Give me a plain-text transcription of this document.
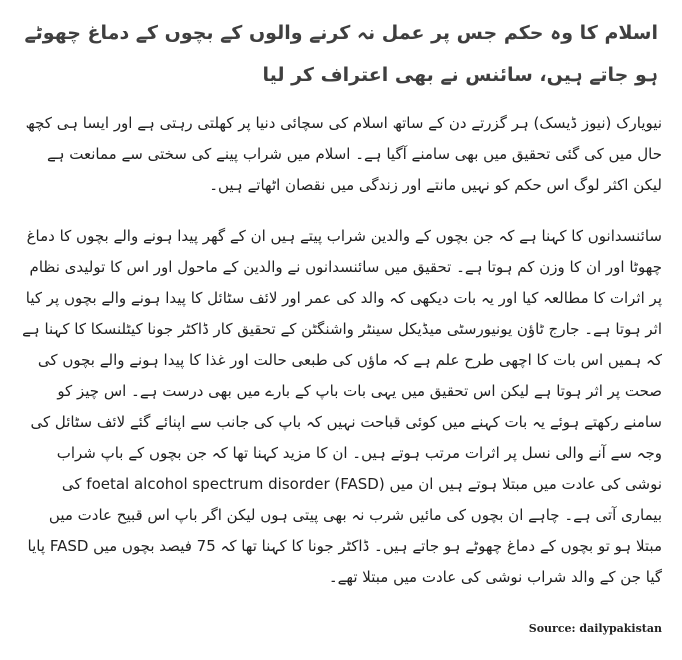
اسلام کا وہ حکم جس پر عمل نہ کرنے والوں کے بچوں کے دماغ چھوٹے ہو جاتے ہیں، سائنس نے بھی اعتراف کر لیا

نیویارک (نیوز ڈیسک) ہر گزرتے دن کے ساتھ اسلام کی سچائی دنیا پر کھلتی رہتی ہے اور ایسا ہی کچھ حال میں کی گئی تحقیق میں بھی سامنے آگیا ہے۔ اسلام میں شراب پینے کی سختی سے ممانعت ہے لیکن اکثر لوگ اس حکم کو نہیں مانتے اور زندگی میں نقصان اٹھاتے ہیں۔

سائنسدانوں کا کہنا ہے کہ جن بچوں کے والدین شراب پیتے ہیں ان کے گھر پیدا ہونے والے بچوں کا دماغ چھوٹا اور ان کا وزن کم ہوتا ہے۔ تحقیق میں سائنسدانوں نے والدین کے ماحول اور اس کا تولیدی نظام پر اثرات کا مطالعہ کیا اور یہ بات دیکھی کہ والد کی عمر اور لائف سٹائل کا پیدا ہونے والے بچوں پر کیا اثر ہوتا ہے۔ جارج ٹاؤن یونیورسٹی میڈیکل سینٹر واشنگٹن کے تحقیق کار ڈاکٹر جونا کیٹلنسکا کا کہنا ہے کہ ہمیں اس بات کا اچھی طرح علم ہے کہ ماؤں کی طبعی حالت اور غذا کا پیدا ہونے والے بچوں کی صحت پر اثر ہوتا ہے لیکن اس تحقیق میں یہی بات باپ کے بارے میں بھی درست ہے۔ اس چیز کو سامنے رکھتے ہوئے یہ بات کہنے میں کوئی قباحت نہیں کہ باپ کی جانب سے اپنائے گئے لائف سٹائل کی وجہ سے آنے والی نسل پر اثرات مرتب ہوتے ہیں۔ ان کا مزید کہنا تھا کہ جن بچوں کے باپ شراب نوشی کی عادت میں مبتلا ہوتے ہیں ان میں foetal alcohol spectrum disorder (FASD) کی بیماری آتی ہے۔ چاہے ان بچوں کی مائیں شرب نہ بھی پیتی ہوں لیکن اگر باپ اس قبیح عادت میں مبتلا ہو تو بچوں کے دماغ چھوٹے ہو جاتے ہیں۔ ڈاکٹر جونا کا کہنا تھا کہ 75 فیصد بچوں میں FASD پایا گیا جن کے والد شراب نوشی کی عادت میں مبتلا تھے۔

Source: dailypakistan
